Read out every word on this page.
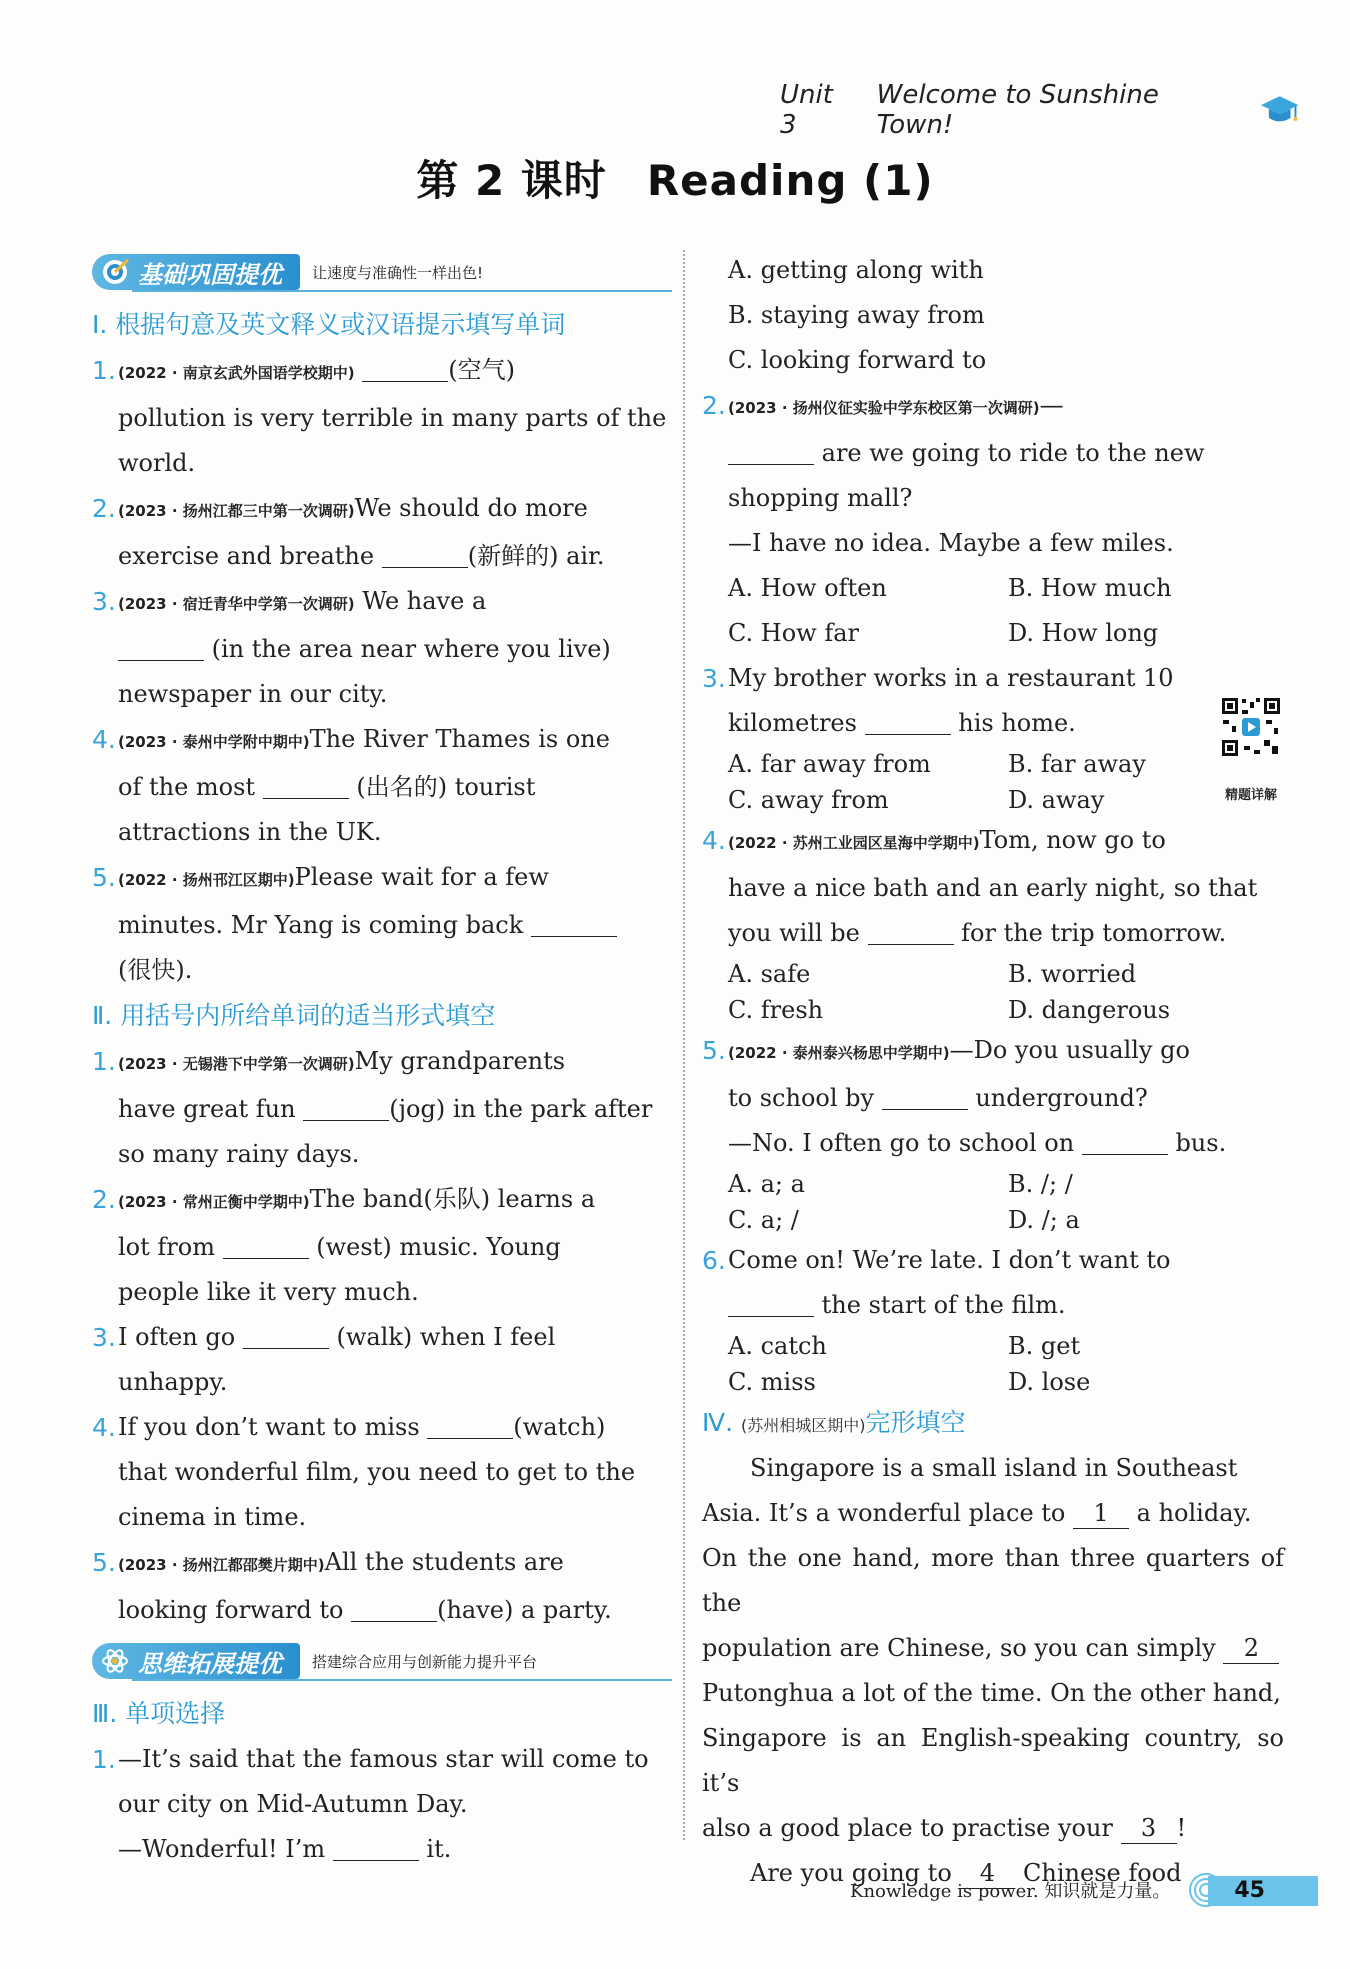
Unit 3
Welcome to Sunshine Town!
第 2 课时 Reading (1)
基础巩固提优 让速度与准确性一样出色!
Ⅰ. 根据句意及英文释义或汉语提示填写单词
1. (2022 · 南京玄武外国语学校期中)	(空气)
pollution is very terrible in many parts of the
world.
2. (2023 · 扬州江都三中第一次调研)We should do more
exercise and breathe	(新鲜的) air.
3. (2023 · 宿迁青华中学第一次调研) We have a
(in the area near where you live)
newspaper in our city.
4. (2023 · 泰州中学附中期中)The River Thames is one
of the most	(出名的) tourist
attractions in the UK.
5. (2022 · 扬州邗江区期中)Please wait for a few
minutes. Mr Yang is coming back
(很快).
Ⅱ. 用括号内所给单词的适当形式填空
1. (2023 · 无锡港下中学第一次调研)My grandparents
have great fun	(jog) in the park after
so many rainy days.
2. (2023 · 常州正衡中学期中)The band(乐队) learns a
lot from	(west) music. Young
people like it very much.
3. I often go	(walk) when I feel
unhappy.
4. If you don’t want to miss	(watch)
that wonderful film, you need to get to the
cinema in time.
5. (2023 · 扬州江都邵樊片期中)All the students are
looking forward to	(have) a party.
思维拓展提优 搭建综合应用与创新能力提升平台
Ⅲ. 单项选择
1. —It’s said that the famous star will come to
our city on Mid-Autumn Day.
—Wonderful! I’m	it.
A. getting along with
B. staying away from
C. looking forward to
2. (2023 · 扬州仪征实验中学东校区第一次调研)—
are we going to ride to the new
shopping mall?
—I have no idea. Maybe a few miles.
A. How often	B. How much
C. How far	D. How long
3. My brother works in a restaurant 10
kilometres	his home.
精题详解
A. far away from	B. far away
C. away from	D. away
4. (2022 · 苏州工业园区星海中学期中)Tom, now go to
have a nice bath and an early night, so that
you will be	for the trip tomorrow.
A. safe	B. worried
C. fresh	D. dangerous
5. (2022 · 泰州泰兴杨思中学期中)—Do you usually go
to school by	underground?
—No. I often go to school on	bus.
A. a; a	B. /; /
C. a; /	D. /; a
6. Come on! We’re late. I don’t want to
the start of the film.
A. catch	B. get
C. miss	D. lose
Ⅳ. (苏州相城区期中)完形填空
Singapore is a small island in Southeast
Asia. It’s a wonderful place to 1 a holiday.
On the one hand, more than three quarters of the
population are Chinese, so you can simply 2
Putonghua a lot of the time. On the other hand,
Singapore is an English-speaking country, so it’s
also a good place to practise your 3 !
Are you going to 4 Chinese food
Knowledge is power. 知识就是力量。	45
